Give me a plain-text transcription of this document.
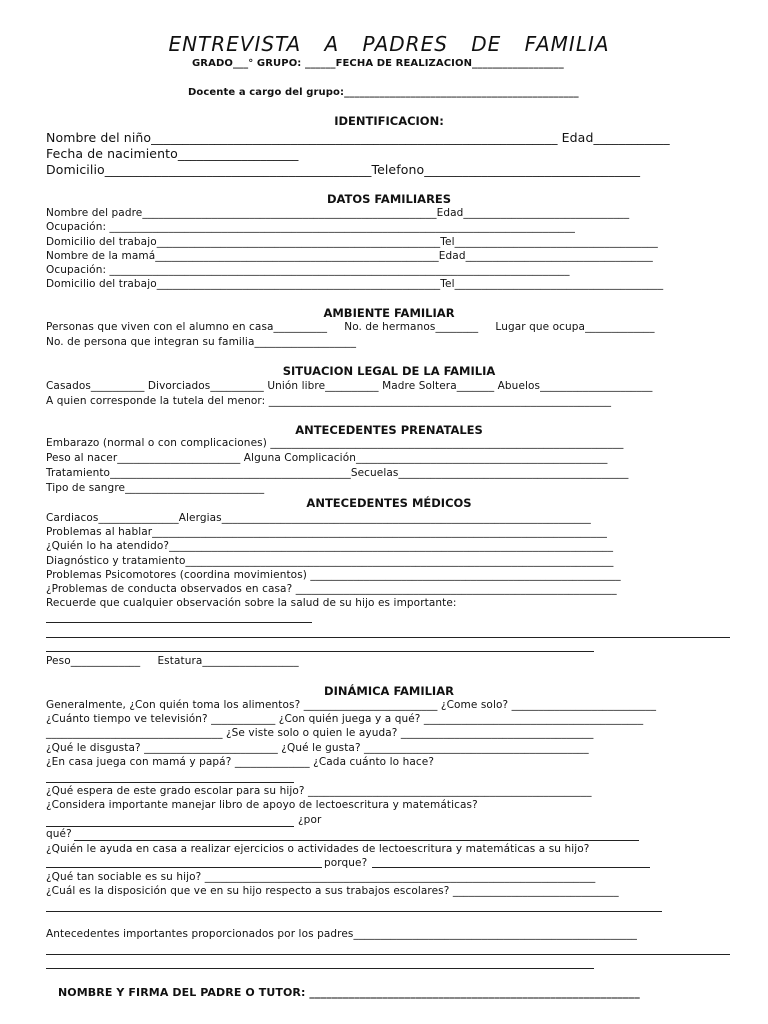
ENTREVISTA A PADRES DE FAMILIA
GRADO___° GRUPO: ______FECHA DE REALIZACION__________________
Docente a cargo del grupo:______________________________________________
IDENTIFICACION:
Nombre del niño________________________________________________________________ Edad____________
Fecha de nacimiento___________________
Domicilio__________________________________________Telefono__________________________________
DATOS FAMILIARES
Nombre del padre_______________________________________________________Edad_______________________________
Ocupación: _______________________________________________________________________________________
Domicilio del trabajo_____________________________________________________Tel______________________________________
Nombre de la mamá_____________________________________________________Edad___________________________________
Ocupación: ______________________________________________________________________________________
Domicilio del trabajo_____________________________________________________Tel_______________________________________
AMBIENTE FAMILIAR
Personas que viven con el alumno en casa__________     No. de hermanos________     Lugar que ocupa_____________
No. de persona que integran su familia___________________
SITUACION LEGAL DE LA FAMILIA
Casados__________ Divorciados__________ Unión libre__________ Madre Soltera_______ Abuelos_____________________
A quien corresponde la tutela del menor: ________________________________________________________________
ANTECEDENTES PRENATALES
Embarazo (normal o con complicaciones) __________________________________________________________________
Peso al nacer_______________________ Alguna Complicación_______________________________________________
Tratamiento_____________________________________________Secuelas___________________________________________
Tipo de sangre__________________________
ANTECEDENTES MÉDICOS
Cardiacos_______________Alergias_____________________________________________________________________
Problemas al hablar_____________________________________________________________________________________
¿Quién lo ha atendido?___________________________________________________________________________________
Diagnóstico y tratamiento________________________________________________________________________________
Problemas Psicomotores (coordina movimientos) __________________________________________________________
¿Problemas de conducta observados en casa? ____________________________________________________________
Recuerde que cualquier observación sobre la salud de su hijo es importante:
Peso_____________     Estatura__________________
DINÁMICA FAMILIAR
Generalmente, ¿Con quién toma los alimentos? _________________________ ¿Come solo? ___________________________
¿Cuánto tiempo ve televisión? ____________ ¿Con quién juega y a qué? _________________________________________
_________________________________ ¿Se viste solo o quien le ayuda? ____________________________________
¿Qué le disgusta? _________________________ ¿Qué le gusta? __________________________________________
¿En casa juega con mamá y papá? ______________ ¿Cada cuánto lo hace?
¿Qué espera de este grado escolar para su hijo? _____________________________________________________
¿Considera importante manejar libro de apoyo de lectoescritura y matemáticas?
¿por
qué?
¿Quién le ayuda en casa a realizar ejercicios o actividades de lectoescritura y matemáticas a su hijo?
porque?
¿Qué tan sociable es su hijo? _________________________________________________________________________
¿Cuál es la disposición que ve en su hijo respecto a sus trabajos escolares? _______________________________
Antecedentes importantes proporcionados por los padres_____________________________________________________
NOMBRE Y FIRMA DEL PADRE O TUTOR: ___________________________________________________________
